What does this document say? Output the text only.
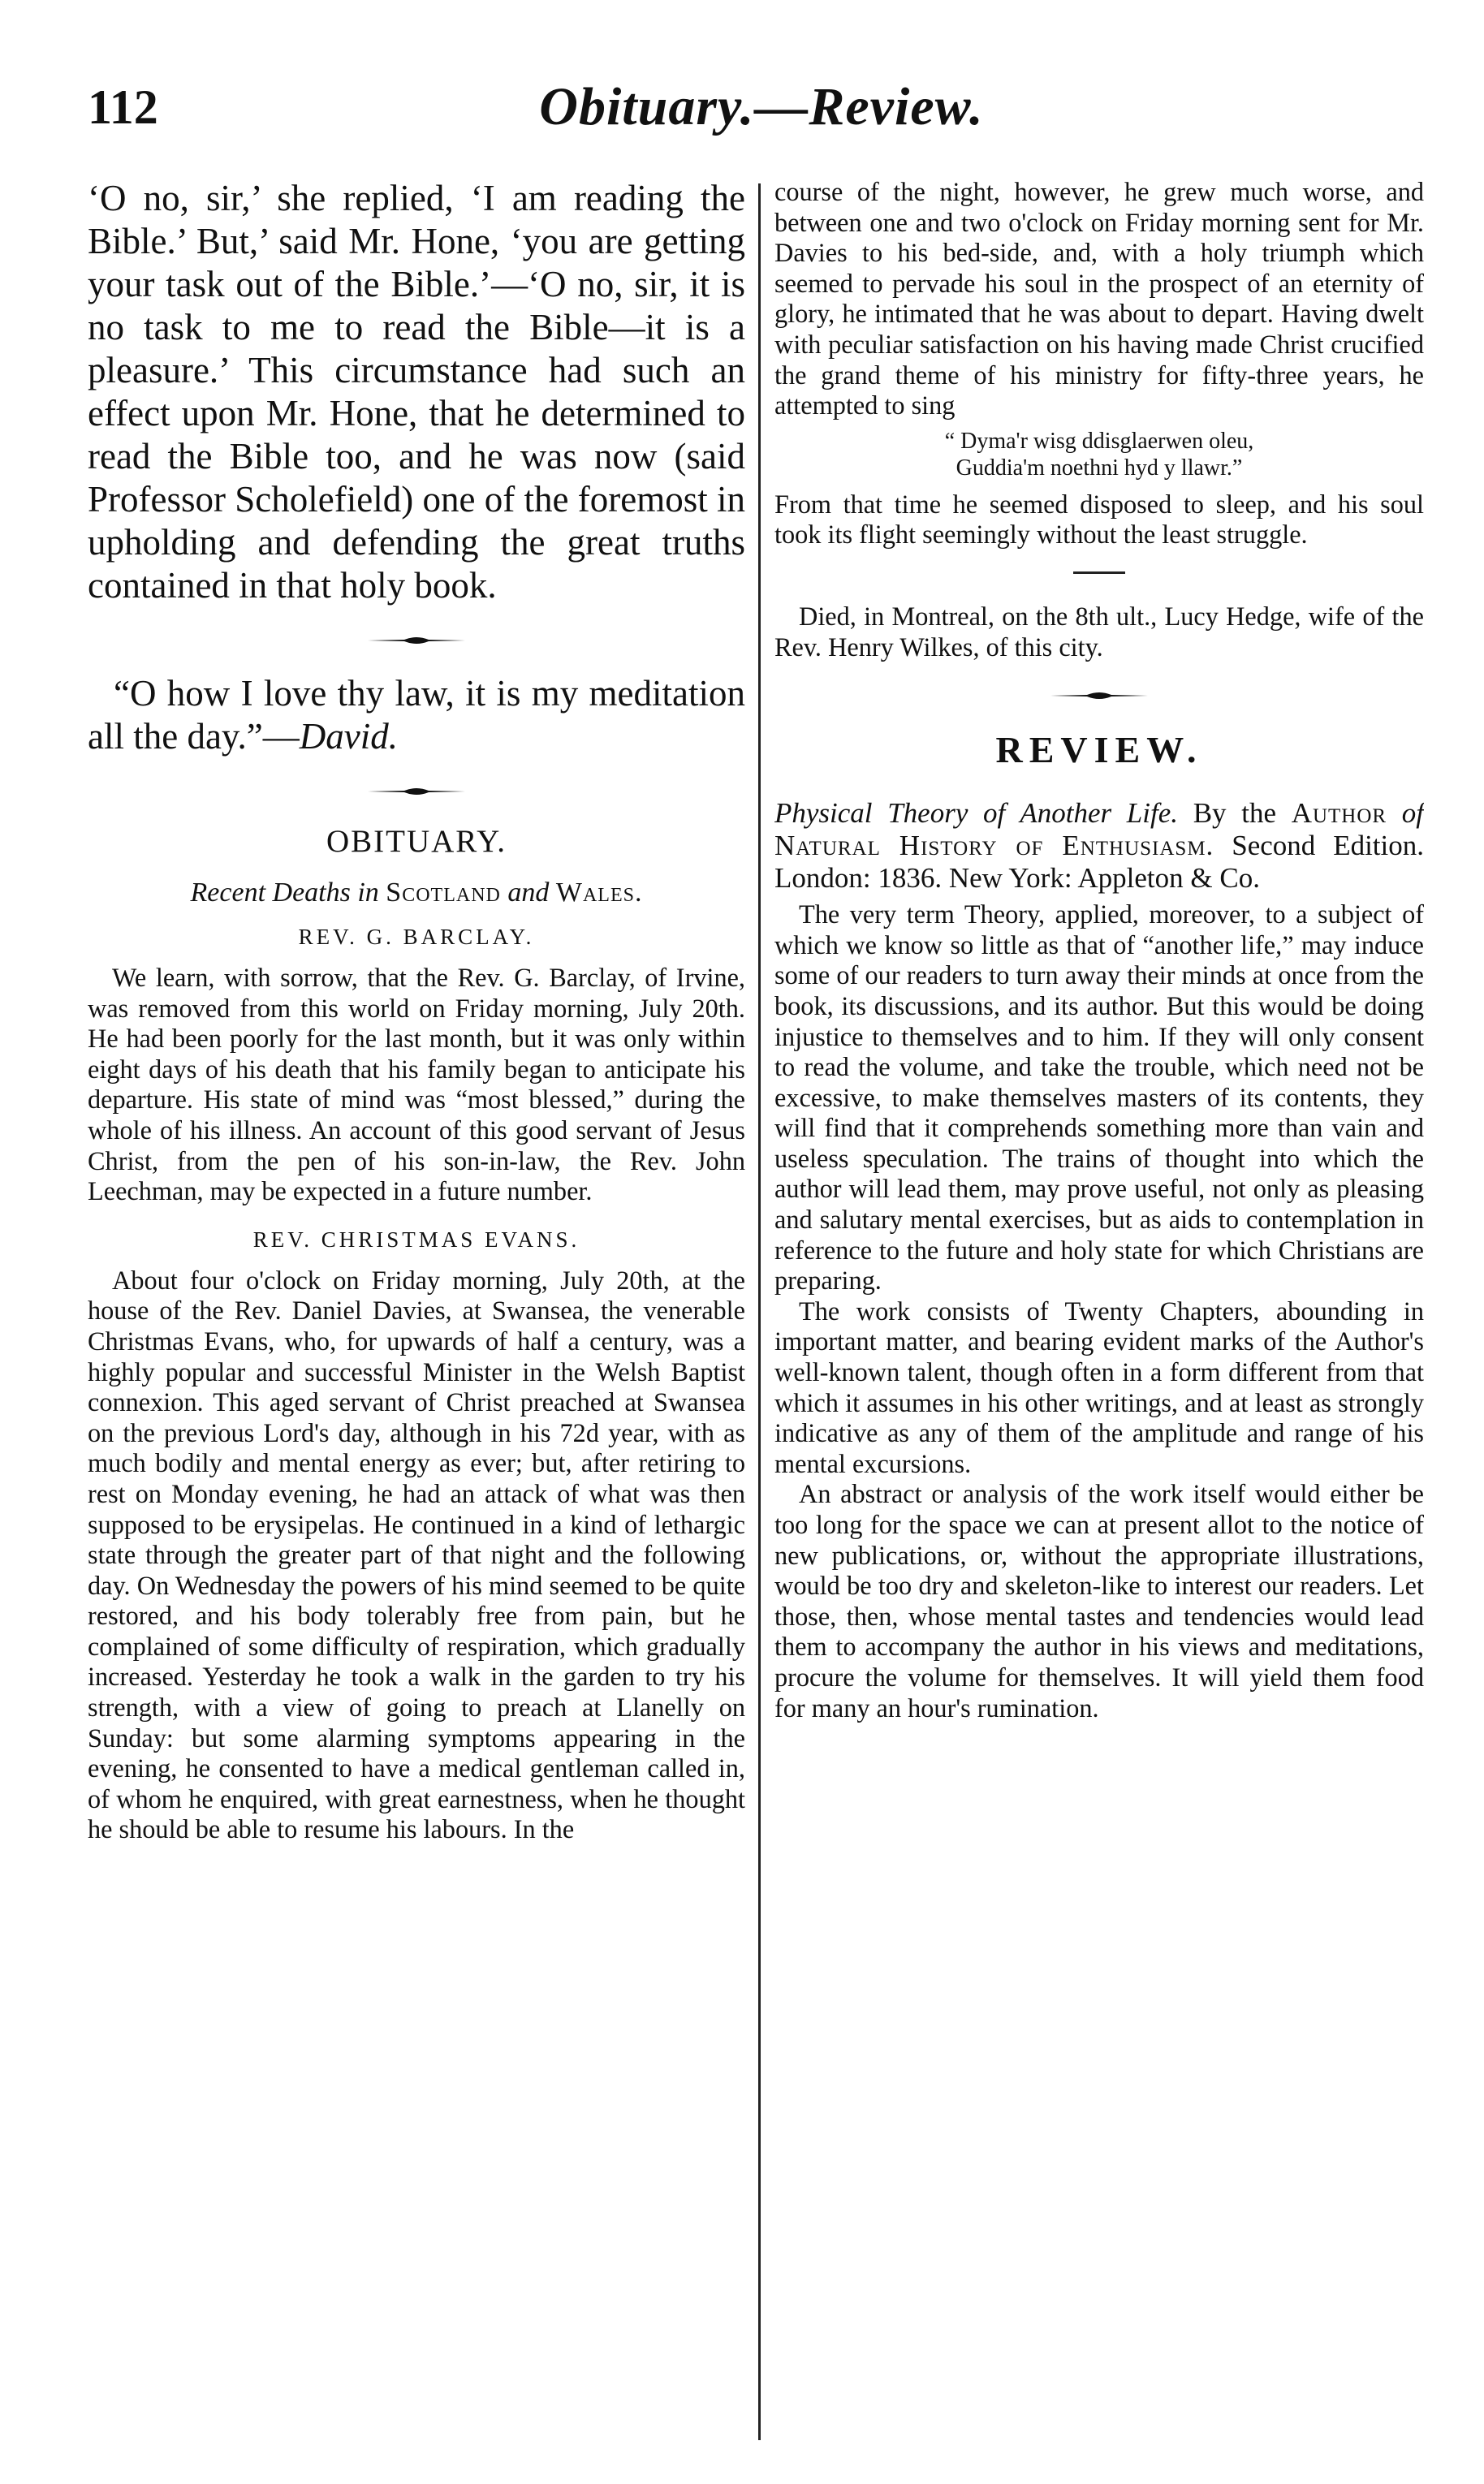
112	Obituary.—Review.

‘O no, sir,’ she replied, ‘I am reading the Bible.’ But,’ said Mr. Hone, ‘you are getting your task out of the Bible.’—‘O no, sir, it is no task to me to read the Bible—it is a pleasure.’ This circumstance had such an effect upon Mr. Hone, that he determined to read the Bible too, and he was now (said Professor Scholefield) one of the foremost in upholding and defending the great truths contained in that holy book.

“O how I love thy law, it is my meditation all the day.”—David.

OBITUARY.
Recent Deaths in Scotland and Wales.
REV. G. BARCLAY.

We learn, with sorrow, that the Rev. G. Barclay, of Irvine, was removed from this world on Friday morning, July 20th. He had been poorly for the last month, but it was only within eight days of his death that his family began to anticipate his departure. His state of mind was “most blessed,” during the whole of his illness. An account of this good servant of Jesus Christ, from the pen of his son-in-law, the Rev. John Leechman, may be expected in a future number.

REV. CHRISTMAS EVANS.

About four o'clock on Friday morning, July 20th, at the house of the Rev. Daniel Davies, at Swansea, the venerable Christmas Evans, who, for upwards of half a century, was a highly popular and successful Minister in the Welsh Baptist connexion. This aged servant of Christ preached at Swansea on the previous Lord's day, although in his 72d year, with as much bodily and mental energy as ever; but, after retiring to rest on Monday evening, he had an attack of what was then supposed to be erysipelas. He continued in a kind of lethargic state through the greater part of that night and the following day. On Wednesday the powers of his mind seemed to be quite restored, and his body tolerably free from pain, but he complained of some difficulty of respiration, which gradually increased. Yesterday he took a walk in the garden to try his strength, with a view of going to preach at Llanelly on Sunday: but some alarming symptoms appearing in the evening, he consented to have a medical gentleman called in, of whom he enquired, with great earnestness, when he thought he should be able to resume his labours. In the

course of the night, however, he grew much worse, and between one and two o'clock on Friday morning sent for Mr. Davies to his bed-side, and, with a holy triumph which seemed to pervade his soul in the prospect of an eternity of glory, he intimated that he was about to depart. Having dwelt with peculiar satisfaction on his having made Christ crucified the grand theme of his ministry for fifty-three years, he attempted to sing

“ Dyma'r wisg ddisglaerwen oleu,
Guddia'm noethni hyd y llawr.”

From that time he seemed disposed to sleep, and his soul took its flight seemingly without the least struggle.

Died, in Montreal, on the 8th ult., Lucy Hedge, wife of the Rev. Henry Wilkes, of this city.

REVIEW.

Physical Theory of Another Life. By the Author of Natural History of Enthusiasm. Second Edition. London: 1836. New York: Appleton & Co.

The very term Theory, applied, moreover, to a subject of which we know so little as that of “another life,” may induce some of our readers to turn away their minds at once from the book, its discussions, and its author. But this would be doing injustice to themselves and to him. If they will only consent to read the volume, and take the trouble, which need not be excessive, to make themselves masters of its contents, they will find that it comprehends something more than vain and useless speculation. The trains of thought into which the author will lead them, may prove useful, not only as pleasing and salutary mental exercises, but as aids to contemplation in reference to the future and holy state for which Christians are preparing.

The work consists of Twenty Chapters, abounding in important matter, and bearing evident marks of the Author's well-known talent, though often in a form different from that which it assumes in his other writings, and at least as strongly indicative as any of them of the amplitude and range of his mental excursions.

An abstract or analysis of the work itself would either be too long for the space we can at present allot to the notice of new publications, or, without the appropriate illustrations, would be too dry and skeleton-like to interest our readers. Let those, then, whose mental tastes and tendencies would lead them to accompany the author in his views and meditations, procure the volume for themselves. It will yield them food for many an hour's rumination.
